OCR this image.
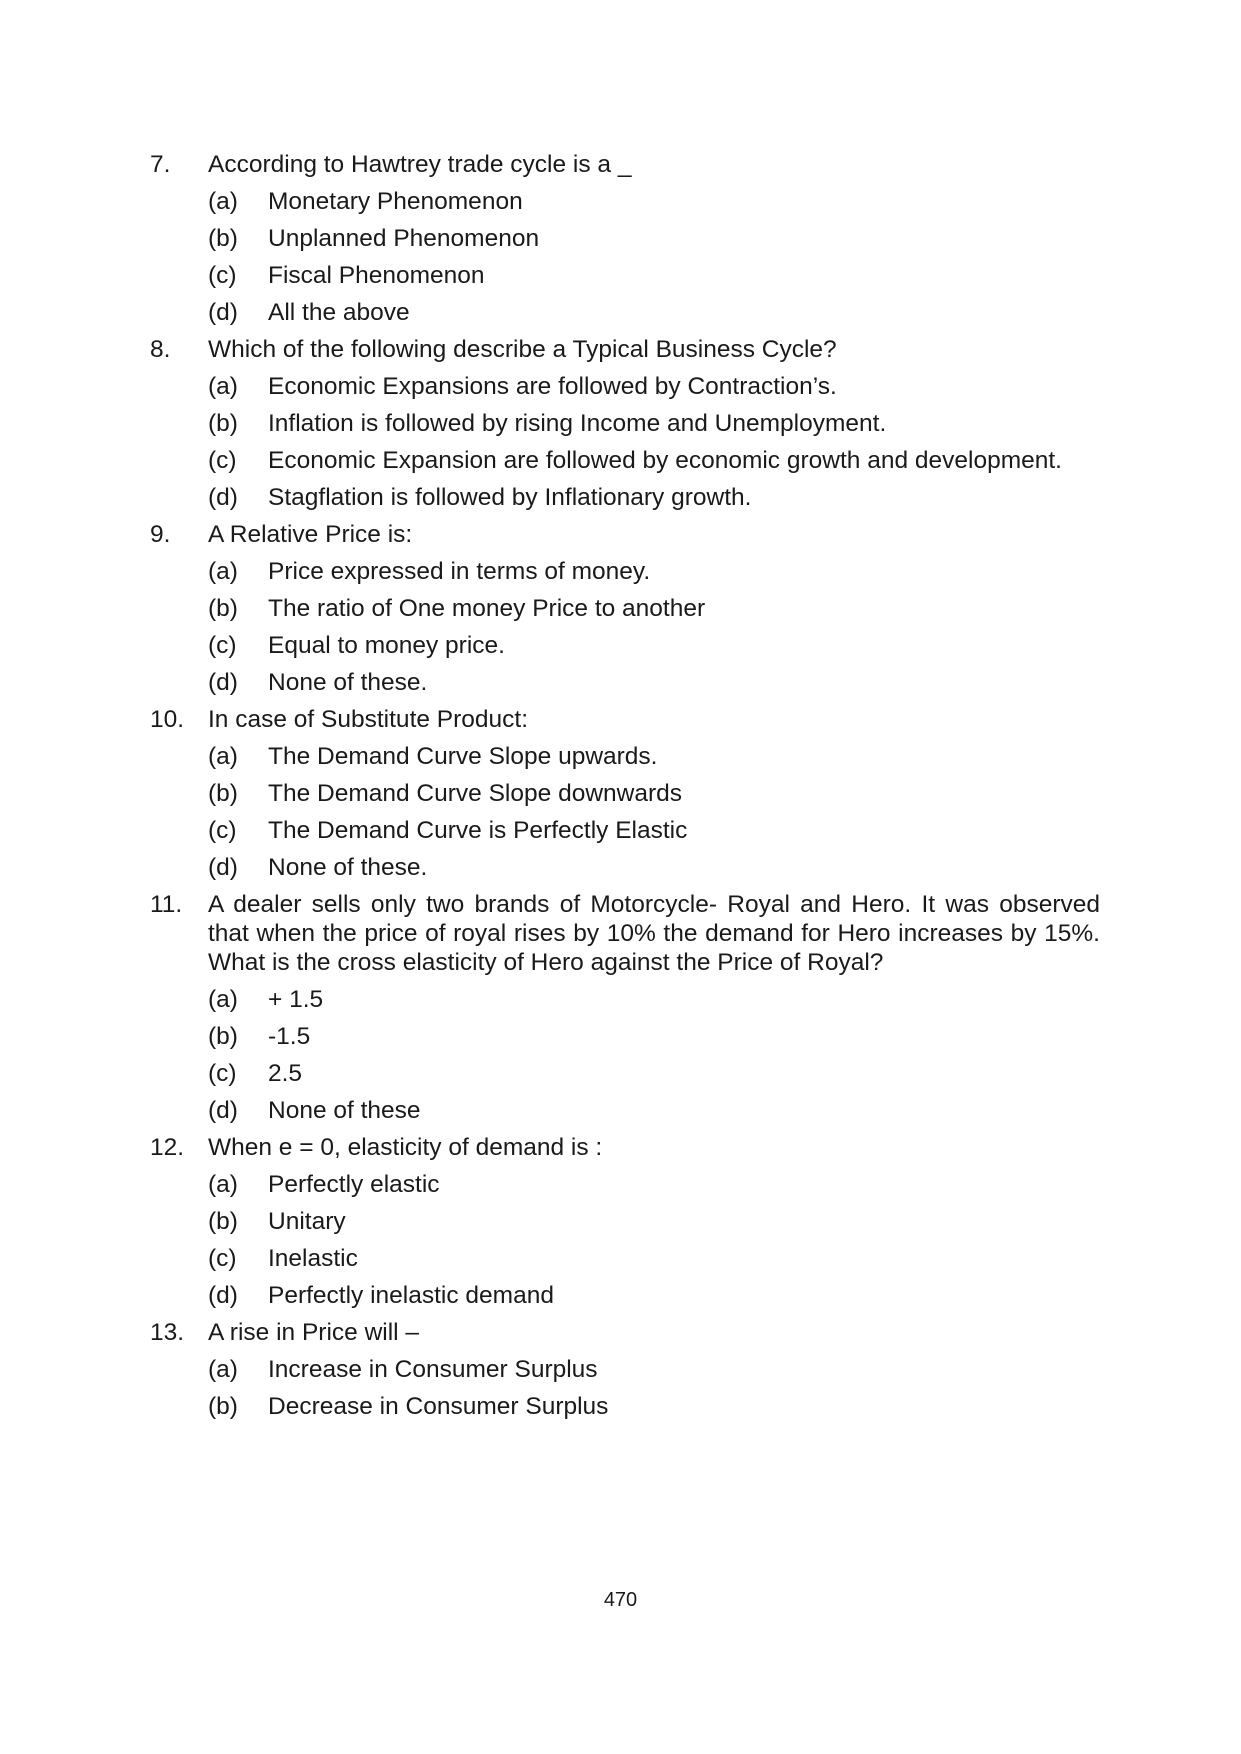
7.	According to Hawtrey trade cycle is a _
(a)	Monetary Phenomenon
(b)	Unplanned Phenomenon
(c)	Fiscal Phenomenon
(d)	All the above
8.	Which of the following describe a Typical Business Cycle?
(a)	Economic Expansions are followed by Contraction’s.
(b)	Inflation is followed by rising Income and Unemployment.
(c)	Economic Expansion are followed by economic growth and development.
(d)	Stagflation is followed by Inflationary growth.
9.	A Relative Price is:
(a)	Price expressed in terms of money.
(b)	The ratio of One money Price to another
(c)	Equal to money price.
(d)	None of these.
10. In case of Substitute Product:
(a)	The Demand Curve Slope upwards.
(b)	The Demand Curve Slope downwards
(c)	The Demand Curve is Perfectly Elastic
(d)	None of these.
11.	A dealer sells only two brands of Motorcycle- Royal and Hero. It was observed that when the price of royal rises by 10% the demand for Hero increases by 15%. What is the cross elasticity of Hero against the Price of Royal?
(a)	+ 1.5
(b)	-1.5
(c)	2.5
(d)	None of these
12. When e = 0, elasticity of demand is :
(a)	Perfectly elastic
(b)	Unitary
(c)	Inelastic
(d)	Perfectly inelastic demand
13. A rise in Price will –
(a)	Increase in Consumer Surplus
(b)	Decrease in Consumer Surplus
470
